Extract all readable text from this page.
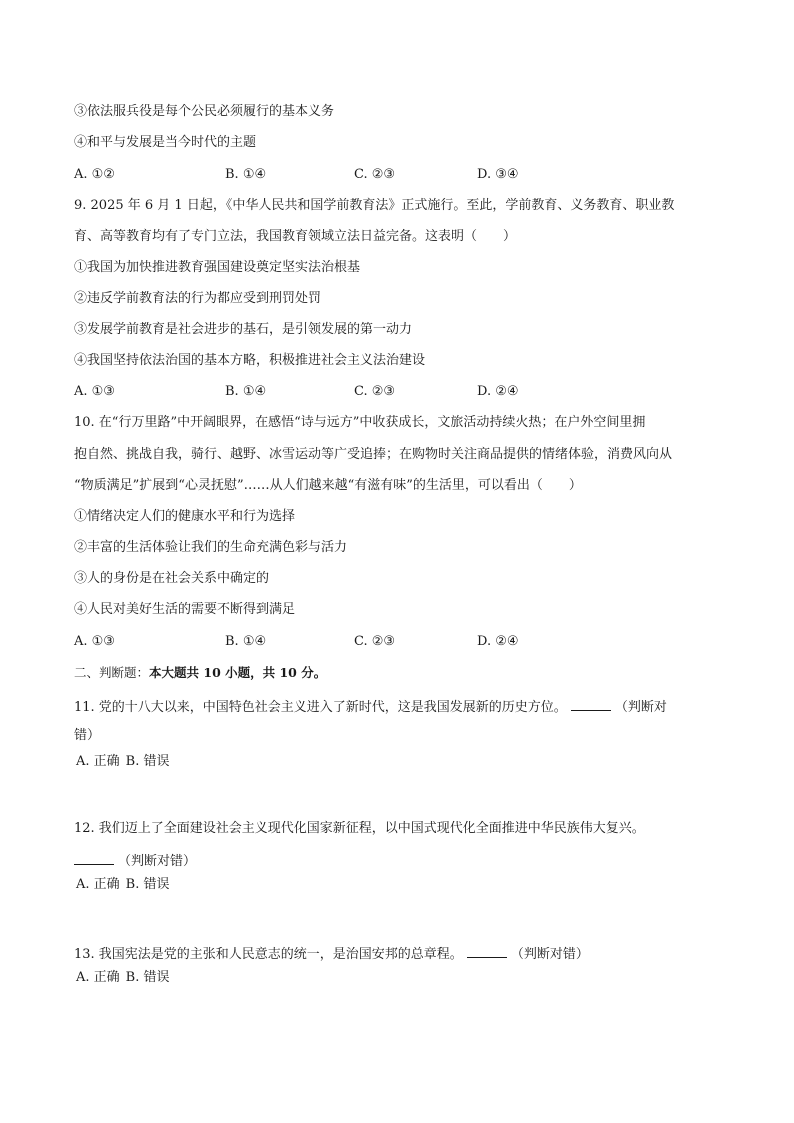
③依法服兵役是每个公民必须履行的基本义务
④和平与发展是当今时代的主题
A. ①②	B. ①④	C. ②③	D. ③④
9. 2025 年 6 月 1 日起，《中华人民共和国学前教育法》正式施行。至此，学前教育、义务教育、职业教
育、高等教育均有了专门立法，我国教育领域立法日益完备。这表明（　　）
①我国为加快推进教育强国建设奠定坚实法治根基
②违反学前教育法的行为都应受到刑罚处罚
③发展学前教育是社会进步的基石，是引领发展的第一动力
④我国坚持依法治国的基本方略，积极推进社会主义法治建设
A. ①③	B. ①④	C. ②③	D. ②④
10. 在“行万里路”中开阔眼界，在感悟“诗与远方”中收获成长，文旅活动持续火热；在户外空间里拥
抱自然、挑战自我，骑行、越野、冰雪运动等广受追捧；在购物时关注商品提供的情绪体验，消费风向从
“物质满足”扩展到“心灵抚慰”……从人们越来越“有滋有味”的生活里，可以看出（　　）
①情绪决定人们的健康水平和行为选择
②丰富的生活体验让我们的生命充满色彩与活力
③人的身份是在社会关系中确定的
④人民对美好生活的需要不断得到满足
A. ①③	B. ①④	C. ②③	D. ②④
二、判断题：本大题共 10 小题，共 10 分。
11. 党的十八大以来，中国特色社会主义进入了新时代，这是我国发展新的历史方位。	（判断对
错）
A. 正确 B. 错误
12. 我们迈上了全面建设社会主义现代化国家新征程，以中国式现代化全面推进中华民族伟大复兴。
（判断对错）
A. 正确 B. 错误
13. 我国宪法是党的主张和人民意志的统一，是治国安邦的总章程。	（判断对错）
A. 正确 B. 错误
